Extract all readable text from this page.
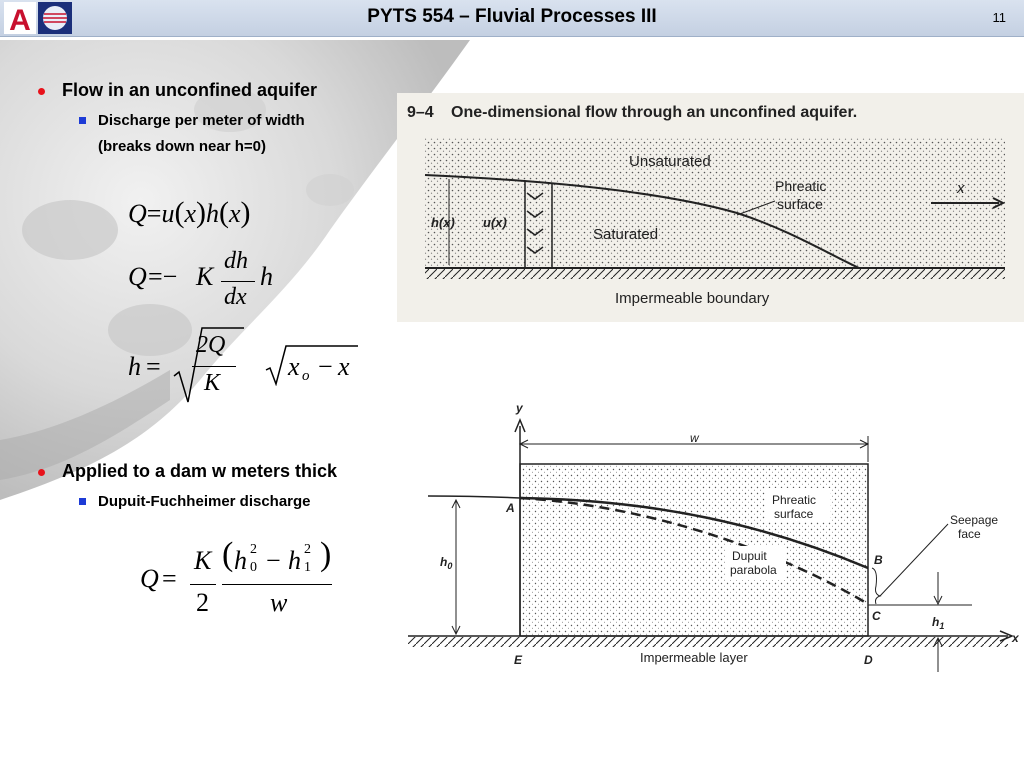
A	PYTS 554 – Fluvial Processes III	11
Flow in an unconfined aquifer
Discharge per meter of width
(breaks down near h=0)
Q=u(x)h(x)
Q =− K
dh
dx
h
h =
2Q
K
x o − x
Applied to a dam w meters thick
Dupuit-Fuchheimer discharge
Q =
K
2
( h 2
0 − h 2
1 )
w
9–4 One-dimensional flow through an unconfined aquifer.
h(x) u(x)
Unsaturated
Saturated
Phreatic
surface
x
Impermeable boundary
y
w
x
$h_0$
A
B
C
D
E
Phreatic
surface
Dupuit
parabola
Seepage
face
$h_1$
Impermeable layer
